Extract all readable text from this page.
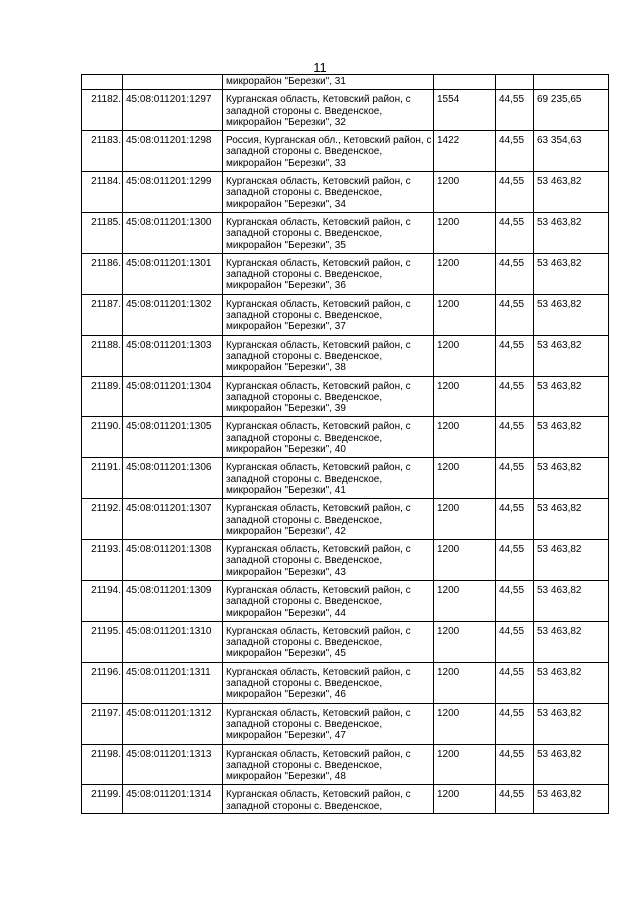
11
		микрорайон "Березки", 31			
21182.	45:08:011201:1297	Курганская область, Кетовский район, с западной стороны с. Введенское, микрорайон "Березки", 32	1554	44,55	69 235,65
21183.	45:08:011201:1298	Россия, Курганская обл., Кетовский район, с западной стороны с. Введенское, микрорайон "Березки", 33	1422	44,55	63 354,63
21184.	45:08:011201:1299	Курганская область, Кетовский район, с западной стороны с. Введенское, микрорайон "Березки", 34	1200	44,55	53 463,82
21185.	45:08:011201:1300	Курганская область, Кетовский район, с западной стороны с. Введенское, микрорайон "Березки", 35	1200	44,55	53 463,82
21186.	45:08:011201:1301	Курганская область, Кетовский район, с западной стороны с. Введенское, микрорайон "Березки", 36	1200	44,55	53 463,82
21187.	45:08:011201:1302	Курганская область, Кетовский район, с западной стороны с. Введенское, микрорайон "Березки", 37	1200	44,55	53 463,82
21188.	45:08:011201:1303	Курганская область, Кетовский район, с западной стороны с. Введенское, микрорайон "Березки", 38	1200	44,55	53 463,82
21189.	45:08:011201:1304	Курганская область, Кетовский район, с западной стороны с. Введенское, микрорайон "Березки", 39	1200	44,55	53 463,82
21190.	45:08:011201:1305	Курганская область, Кетовский район, с западной стороны с. Введенское, микрорайон "Березки", 40	1200	44,55	53 463,82
21191.	45:08:011201:1306	Курганская область, Кетовский район, с западной стороны с. Введенское, микрорайон "Березки", 41	1200	44,55	53 463,82
21192.	45:08:011201:1307	Курганская область, Кетовский район, с западной стороны с. Введенское, микрорайон "Березки", 42	1200	44,55	53 463,82
21193.	45:08:011201:1308	Курганская область, Кетовский район, с западной стороны с. Введенское, микрорайон "Березки", 43	1200	44,55	53 463,82
21194.	45:08:011201:1309	Курганская область, Кетовский район, с западной стороны с. Введенское, микрорайон "Березки", 44	1200	44,55	53 463,82
21195.	45:08:011201:1310	Курганская область, Кетовский район, с западной стороны с. Введенское, микрорайон "Березки", 45	1200	44,55	53 463,82
21196.	45:08:011201:1311	Курганская область, Кетовский район, с западной стороны с. Введенское, микрорайон "Березки", 46	1200	44,55	53 463,82
21197.	45:08:011201:1312	Курганская область, Кетовский район, с западной стороны с. Введенское, микрорайон "Березки", 47	1200	44,55	53 463,82
21198.	45:08:011201:1313	Курганская область, Кетовский район, с западной стороны с. Введенское, микрорайон "Березки", 48	1200	44,55	53 463,82
21199.	45:08:011201:1314	Курганская область, Кетовский район, с западной стороны с. Введенское,	1200	44,55	53 463,82
